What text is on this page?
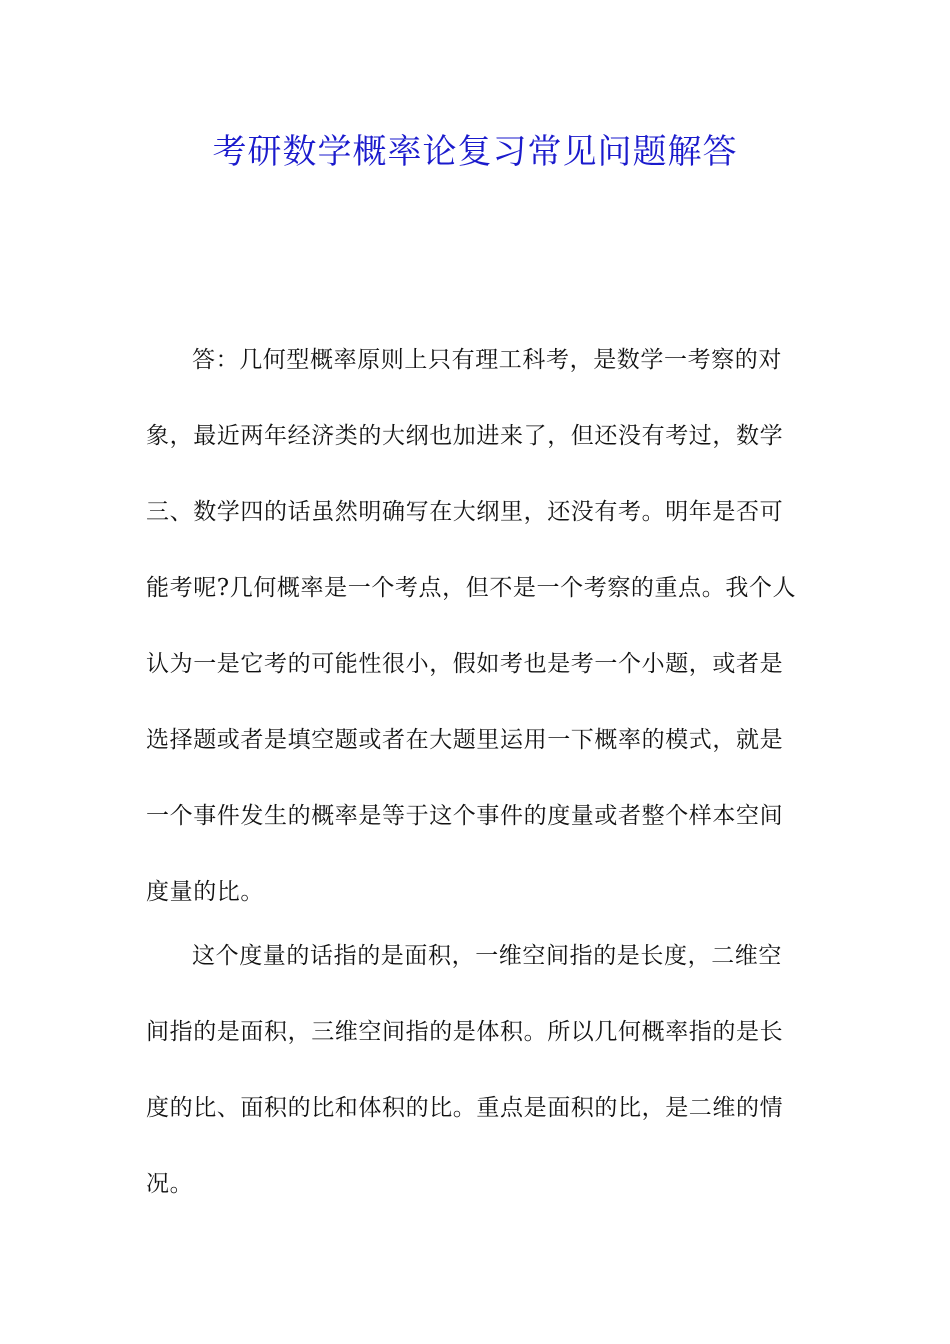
考研数学概率论复习常见问题解答
答：几何型概率原则上只有理工科考，是数学一考察的对
象，最近两年经济类的大纲也加进来了，但还没有考过，数学
三、数学四的话虽然明确写在大纲里，还没有考。明年是否可
能考呢?几何概率是一个考点，但不是一个考察的重点。我个人
认为一是它考的可能性很小，假如考也是考一个小题，或者是
选择题或者是填空题或者在大题里运用一下概率的模式，就是
一个事件发生的概率是等于这个事件的度量或者整个样本空间
度量的比。
这个度量的话指的是面积，一维空间指的是长度，二维空
间指的是面积，三维空间指的是体积。所以几何概率指的是长
度的比、面积的比和体积的比。重点是面积的比，是二维的情
况。
